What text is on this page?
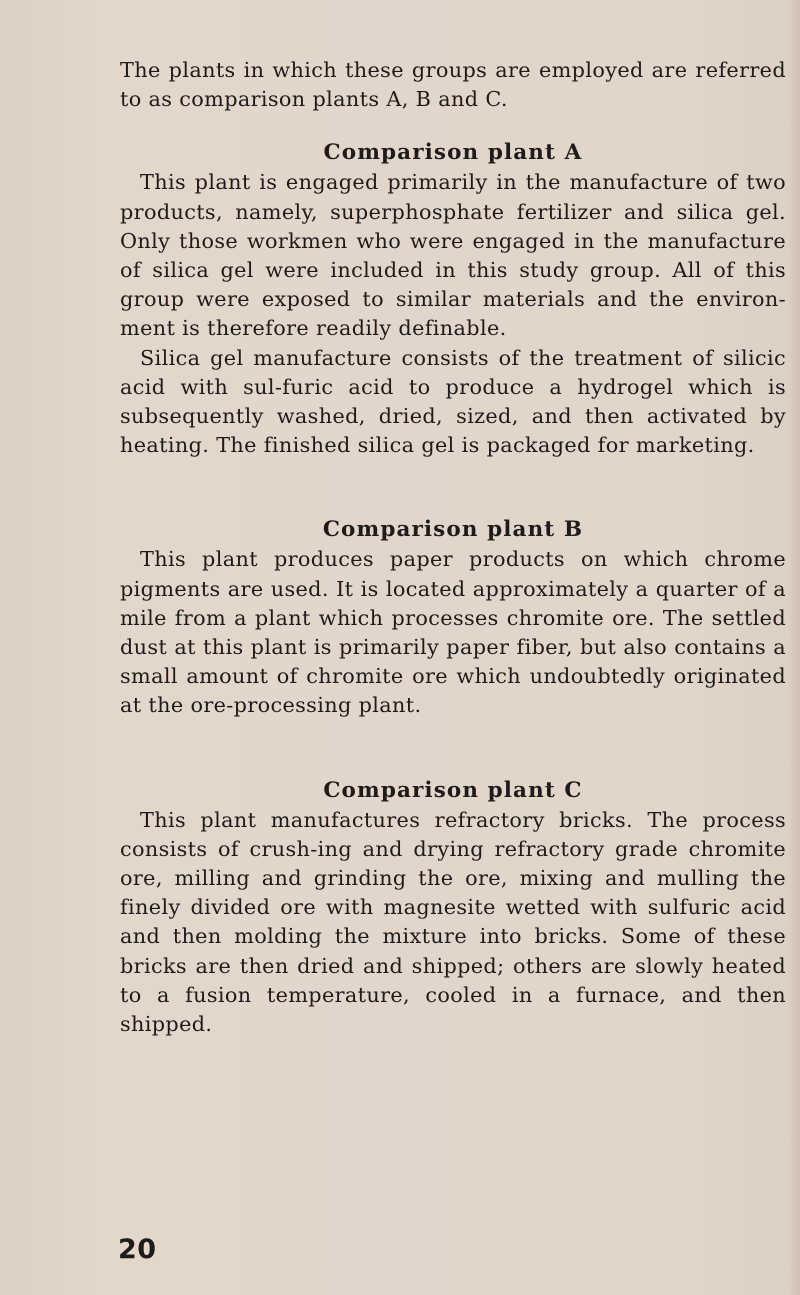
The plants in which these groups are employed are referred to as comparison plants A, B and C.

Comparison plant A

This plant is engaged primarily in the manufacture of two products, namely, superphosphate fertilizer and silica gel. Only those workmen who were engaged in the manufacture of silica gel were included in this study group. All of this group were exposed to similar materials and the environ-ment is therefore readily definable.

Silica gel manufacture consists of the treatment of silicic acid with sul-furic acid to produce a hydrogel which is subsequently washed, dried, sized, and then activated by heating. The finished silica gel is packaged for marketing.

Comparison plant B

This plant produces paper products on which chrome pigments are used. It is located approximately a quarter of a mile from a plant which processes chromite ore. The settled dust at this plant is primarily paper fiber, but also contains a small amount of chromite ore which undoubtedly originated at the ore-processing plant.

Comparison plant C

This plant manufactures refractory bricks. The process consists of crush-ing and drying refractory grade chromite ore, milling and grinding the ore, mixing and mulling the finely divided ore with magnesite wetted with sulfuric acid and then molding the mixture into bricks. Some of these bricks are then dried and shipped; others are slowly heated to a fusion temperature, cooled in a furnace, and then shipped.

20
